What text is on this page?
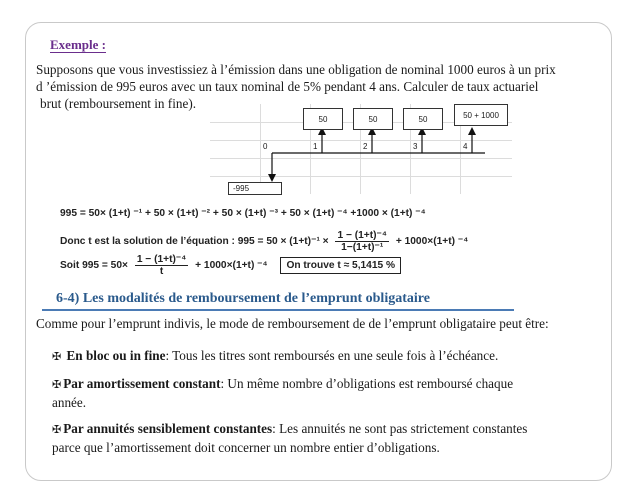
Exemple :
Supposons que vous investissiez à l’émission dans une obligation de nominal 1000 euros à un prix
d ’émission de 995 euros avec un taux nominal de 5% pendant 4 ans. Calculer de taux actuariel
brut (remboursement in fine).
0	1	2	3	4
50	50	50	50 + 1000
-995
995 = 50× (1+t) ⁻¹ + 50 × (1+t) ⁻² + 50 × (1+t) ⁻³ + 50 × (1+t) ⁻⁴ +1000 × (1+t) ⁻⁴
Donc t est la solution de l’équation : $995 = 50 \times (1+t)^{-1} \times \frac{\text{1 − (1+t)⁻⁴}}{\text{1−(1+t)⁻¹}} + 1000\times(1+t)$ ⁻⁴
Soit $995 = 50\times \frac{\text{1 − (1+t)⁻⁴}}{t} + 1000\times(1+t)$ ⁻⁴ On trouve t ≈ 5,1415 %
6-4) Les modalités de remboursement de l’emprunt obligataire
Comme pour l’emprunt indivis, le mode de remboursement de de l’emprunt obligataire peut être:
✠ En bloc ou in fine: Tous les titres sont remboursés en une seule fois à l’échéance.
✠ Par amortissement constant: Un même nombre d’obligations est remboursé chaque
année.
✠ Par annuités sensiblement constantes: Les annuités ne sont pas strictement constantes
parce que l’amortissement doit concerner un nombre entier d’obligations.
